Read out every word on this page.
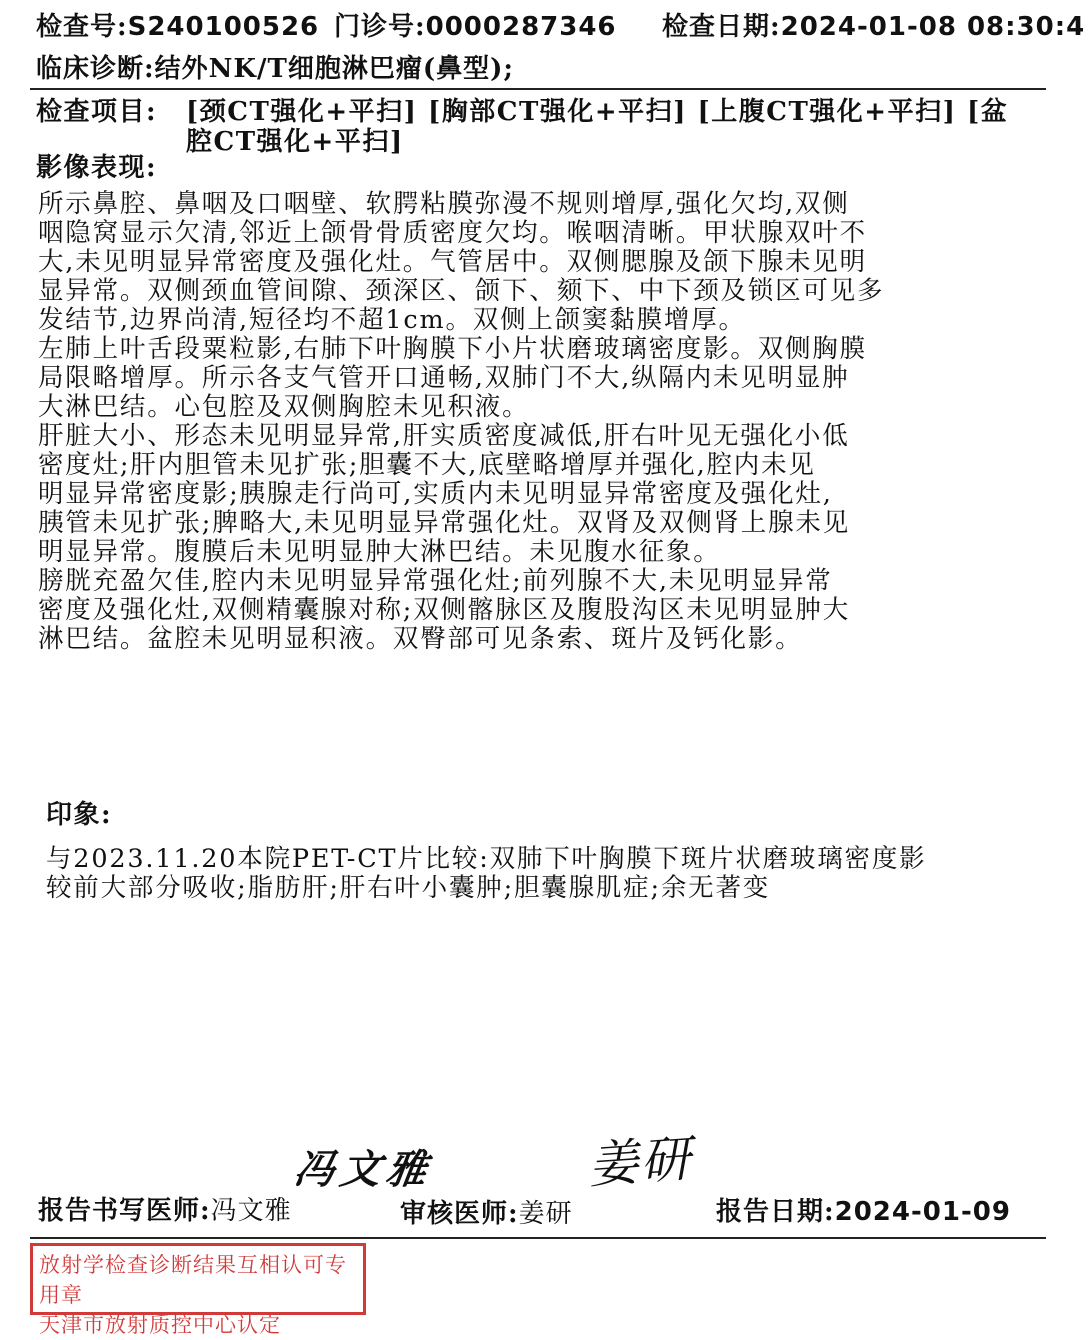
检查号:S240100526 门诊号:0000287346 检查日期:2024-01-08 08:30:4
临床诊断:结外NK/T细胞淋巴瘤(鼻型);
检查项目: [颈CT强化+平扫] [胸部CT强化+平扫] [上腹CT强化+平扫] [盆
腔CT强化+平扫]
影像表现:

所示鼻腔、鼻咽及口咽壁、软腭粘膜弥漫不规则增厚,强化欠均,双侧

咽隐窝显示欠清,邻近上颌骨骨质密度欠均。喉咽清晰。甲状腺双叶不

大,未见明显异常密度及强化灶。气管居中。双侧腮腺及颌下腺未见明

显异常。双侧颈血管间隙、颈深区、颌下、颏下、中下颈及锁区可见多

发结节,边界尚清,短径均不超1cm。双侧上颌窦黏膜增厚。

左肺上叶舌段粟粒影,右肺下叶胸膜下小片状磨玻璃密度影。双侧胸膜

局限略增厚。所示各支气管开口通畅,双肺门不大,纵隔内未见明显肿

大淋巴结。心包腔及双侧胸腔未见积液。

肝脏大小、形态未见明显异常,肝实质密度减低,肝右叶见无强化小低

密度灶;肝内胆管未见扩张;胆囊不大,底壁略增厚并强化,腔内未见

明显异常密度影;胰腺走行尚可,实质内未见明显异常密度及强化灶,

胰管未见扩张;脾略大,未见明显异常强化灶。双肾及双侧肾上腺未见

明显异常。腹膜后未见明显肿大淋巴结。未见腹水征象。

膀胱充盈欠佳,腔内未见明显异常强化灶;前列腺不大,未见明显异常

密度及强化灶,双侧精囊腺对称;双侧髂脉区及腹股沟区未见明显肿大

淋巴结。盆腔未见明显积液。双臀部可见条索、斑片及钙化影。

印象:

与2023.11.20本院PET-CT片比较:双肺下叶胸膜下斑片状磨玻璃密度影

较前大部分吸收;脂肪肝;肝右叶小囊肿;胆囊腺肌症;余无著变

冯文雅	姜研
报告书写医师:冯文雅	审核医师:姜研	报告日期:2024-01-09
放射学检查诊断结果互相认可专用章
天津市放射质控中心认定
